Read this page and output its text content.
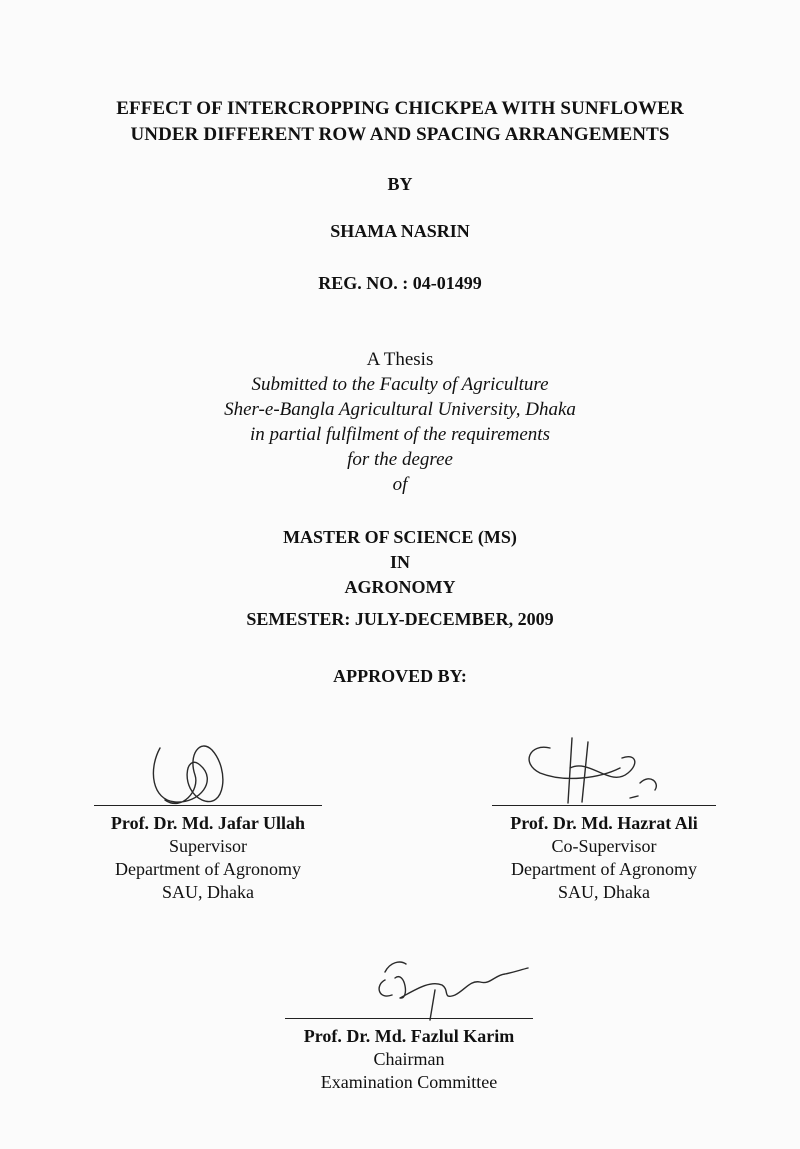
EFFECT OF INTERCROPPING CHICKPEA WITH SUNFLOWER
UNDER DIFFERENT ROW AND SPACING ARRANGEMENTS
BY
SHAMA NASRIN
REG. NO. : 04-01499
A Thesis
Submitted to the Faculty of Agriculture
Sher-e-Bangla Agricultural University, Dhaka
in partial fulfilment of the requirements
for the degree
of
MASTER OF SCIENCE (MS)
IN
AGRONOMY
SEMESTER: JULY-DECEMBER, 2009
APPROVED BY:
Prof. Dr. Md. Jafar Ullah
Supervisor
Department of Agronomy
SAU, Dhaka
Prof. Dr. Md. Hazrat Ali
Co-Supervisor
Department of Agronomy
SAU, Dhaka
Prof. Dr. Md. Fazlul Karim
Chairman
Examination Committee
